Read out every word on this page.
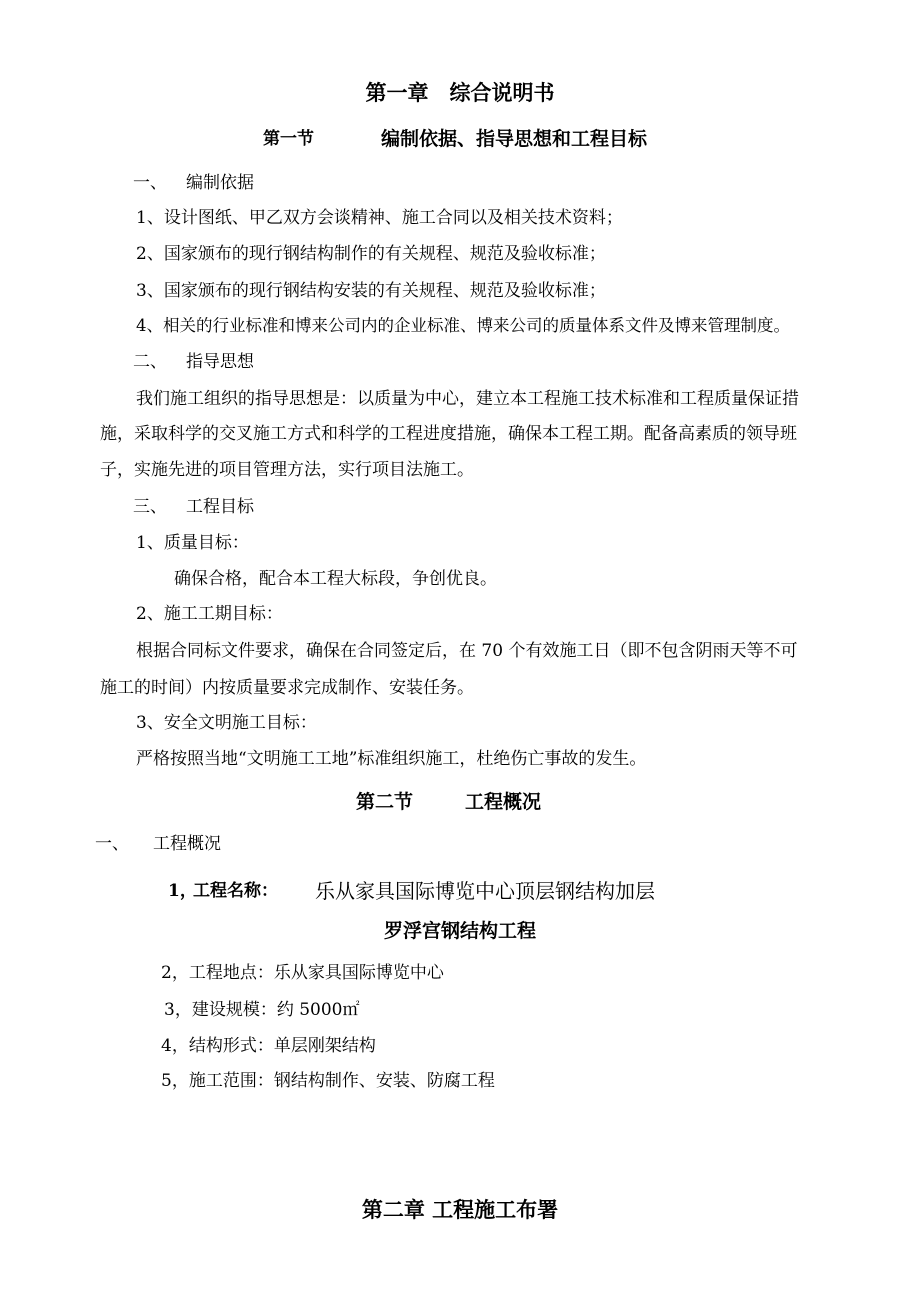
第一章　综合说明书
第一节	编制依据、指导思想和工程目标
一、 编制依据
1、设计图纸、甲乙双方会谈精神、施工合同以及相关技术资料；
2、国家颁布的现行钢结构制作的有关规程、规范及验收标准；
3、国家颁布的现行钢结构安装的有关规程、规范及验收标准；
4、相关的行业标准和博来公司内的企业标准、博来公司的质量体系文件及博来管理制度。
二、 指导思想
我们施工组织的指导思想是：以质量为中心，建立本工程施工技术标准和工程质量保证措
施，采取科学的交叉施工方式和科学的工程进度措施，确保本工程工期。配备高素质的领导班
子，实施先进的项目管理方法，实行项目法施工。
三、 工程目标
1、质量目标：
确保合格，配合本工程大标段，争创优良。
2、施工工期目标：
根据合同标文件要求，确保在合同签定后，在 70 个有效施工日（即不包含阴雨天等不可
施工的时间）内按质量要求完成制作、安装任务。
3、安全文明施工目标：
严格按照当地“文明施工工地”标准组织施工，杜绝伤亡事故的发生。
第二节	工程概况
一、 工程概况
1，
工程名称： 乐从家具国际博览中心顶层钢结构加层
罗浮宫钢结构工程
2，工程地点：乐从家具国际博览中心
3，建设规模：约 5000㎡
4，结构形式：单层刚架结构
5，施工范围：钢结构制作、安装、防腐工程
第二章 工程施工布署
